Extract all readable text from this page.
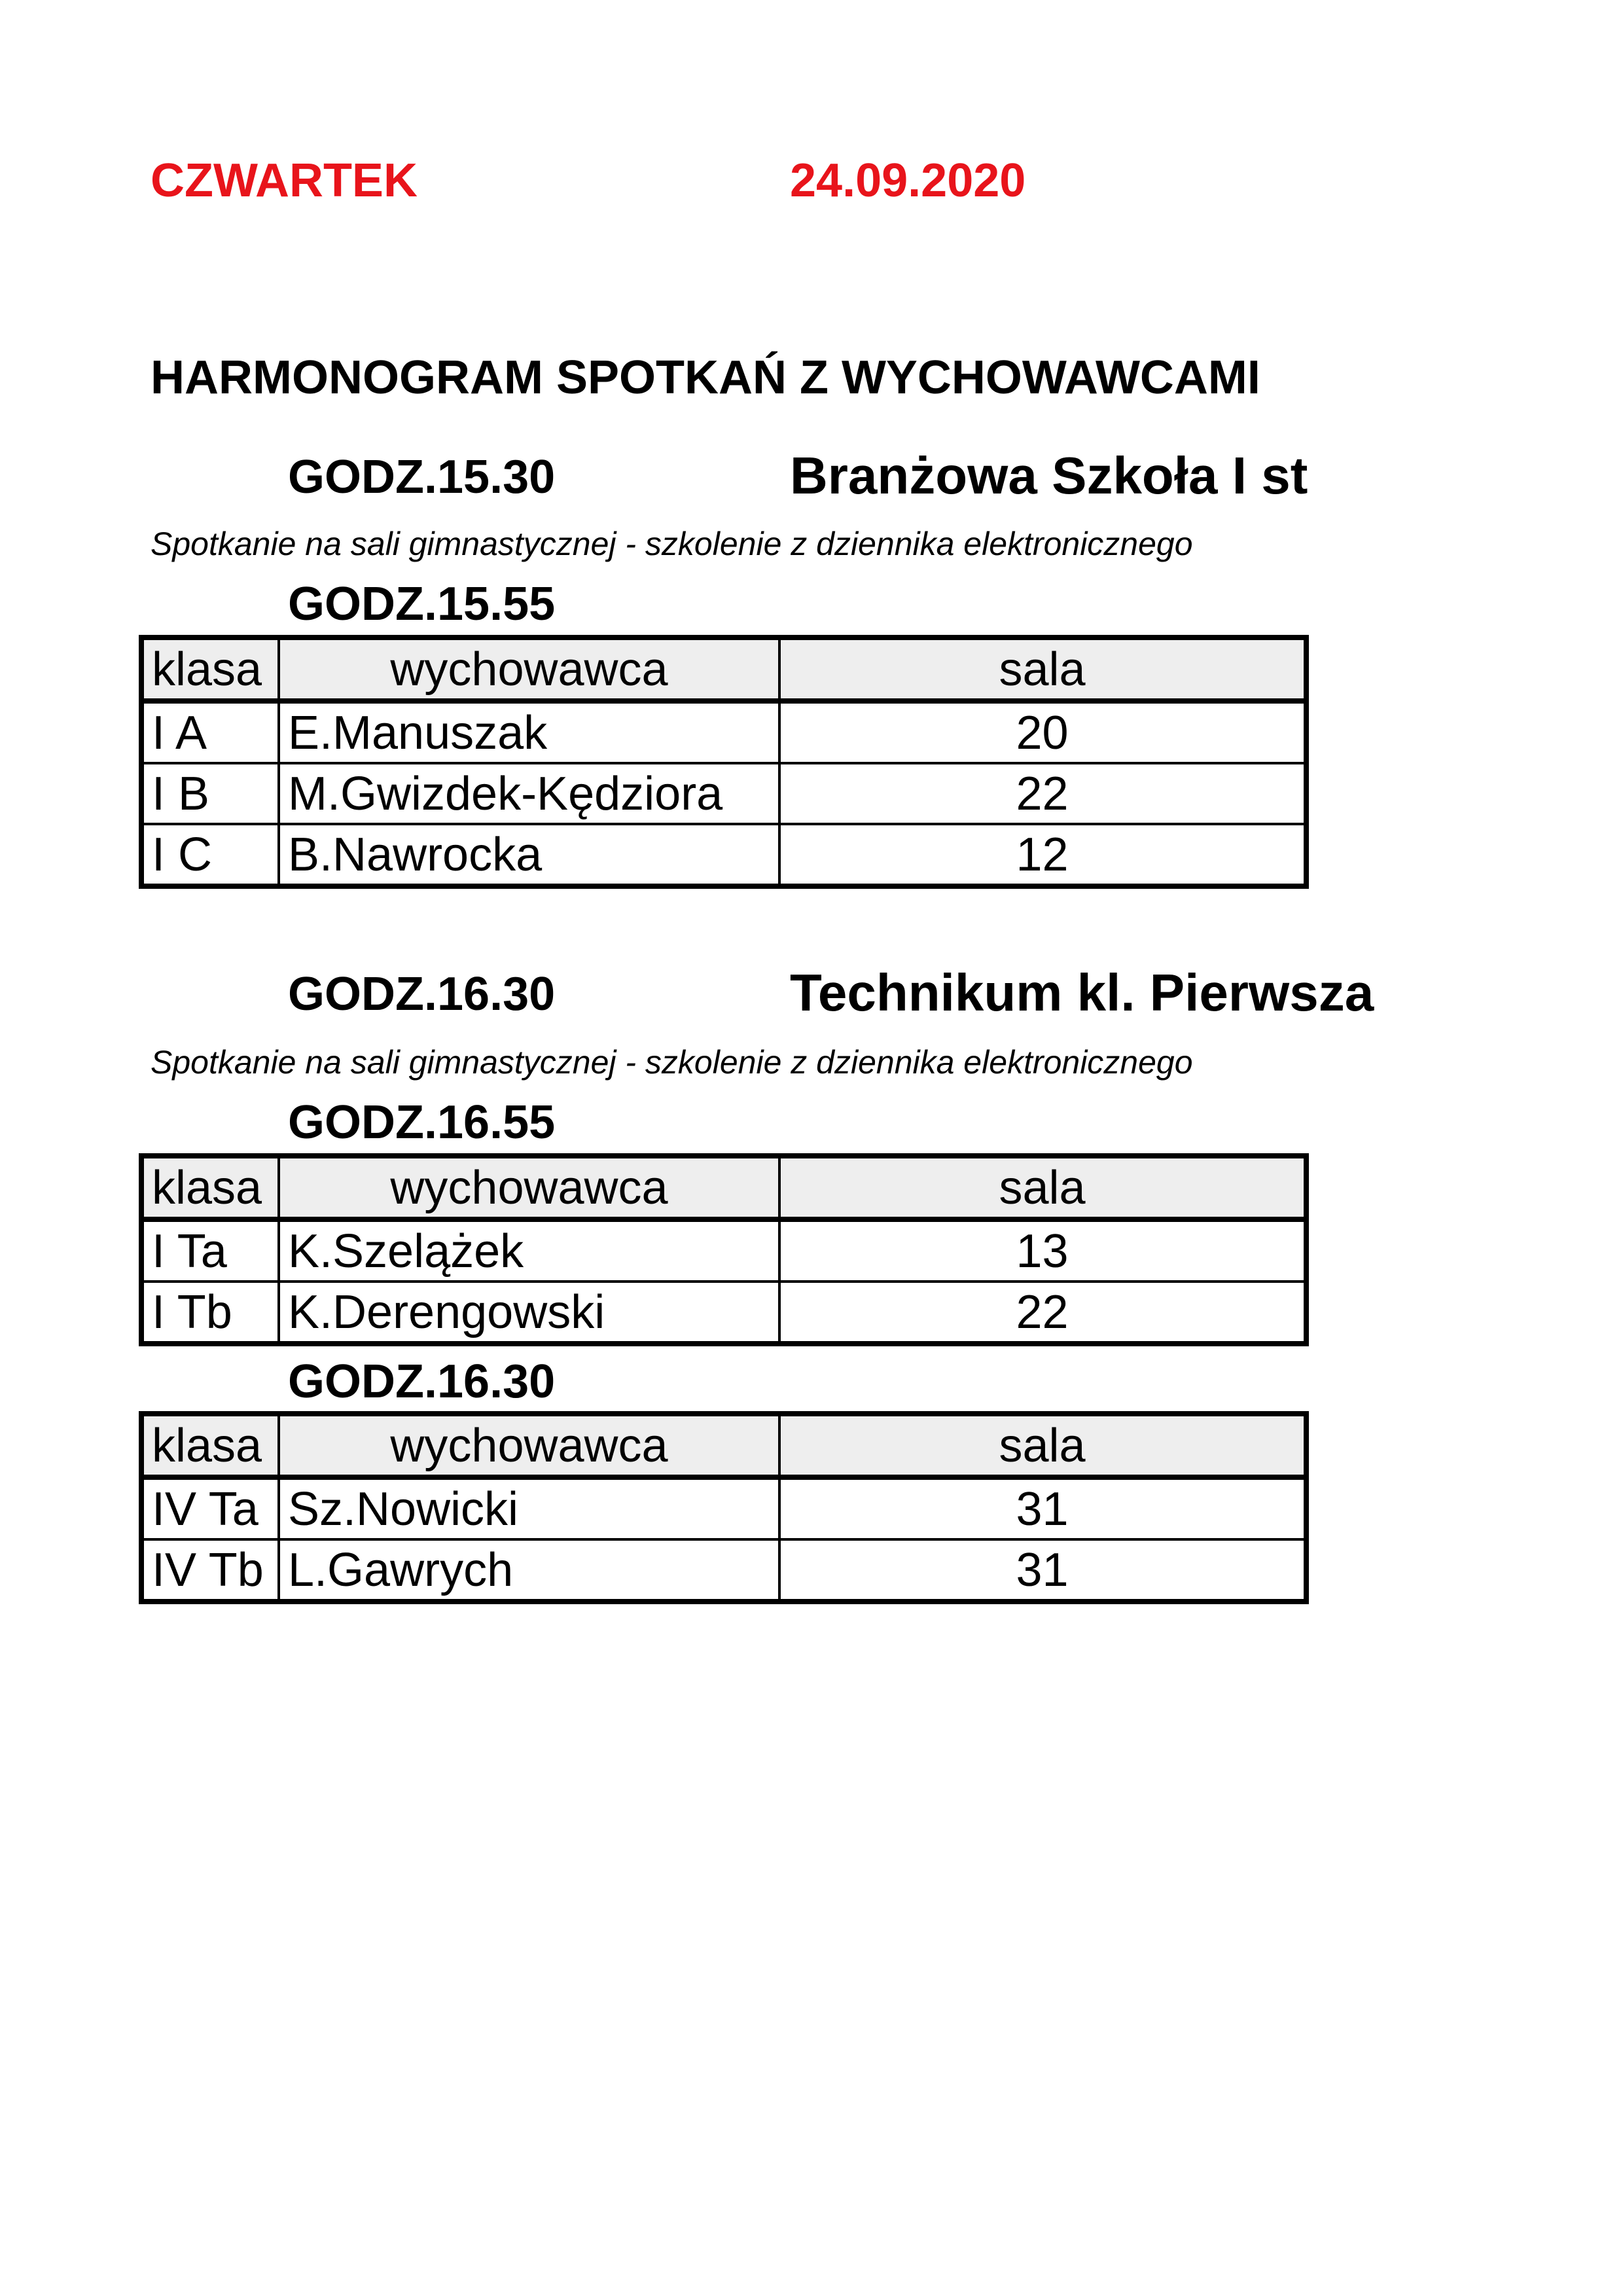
CZWARTEK	24.09.2020
HARMONOGRAM SPOTKAŃ Z WYCHOWAWCAMI
GODZ.15.30	Branżowa Szkoła I st
Spotkanie na sali gimnastycznej - szkolenie z dziennika elektronicznego
GODZ.15.55
klasa	wychowawca	sala
I A	E.Manuszak	20
I B	M.Gwizdek-Kędziora	22
I C	B.Nawrocka	12
GODZ.16.30	Technikum kl. Pierwsza
Spotkanie na sali gimnastycznej - szkolenie z dziennika elektronicznego
GODZ.16.55
klasa	wychowawca	sala
I Ta	K.Szelążek	13
I Tb	K.Derengowski	22
GODZ.16.30
klasa	wychowawca	sala
IV Ta	Sz.Nowicki	31
IV Tb	L.Gawrych	31
